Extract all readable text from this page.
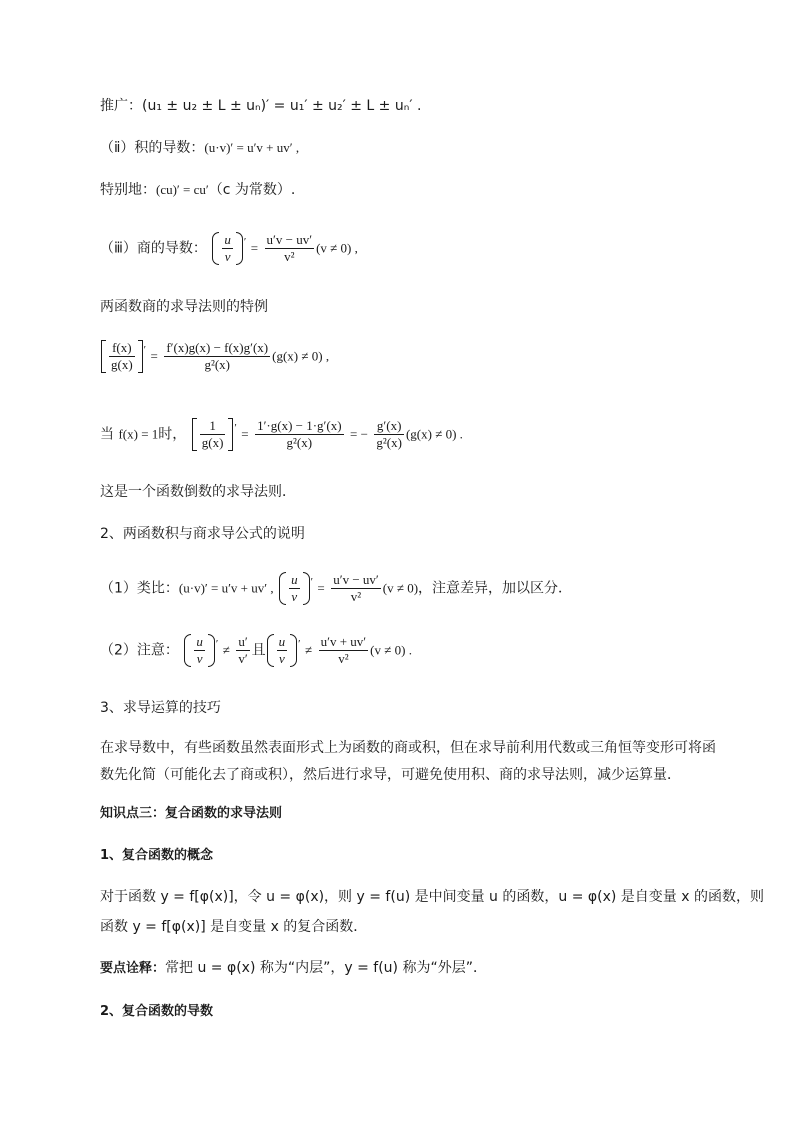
推广：(u₁ ± u₂ ± L ± uₙ)′ = u₁′ ± u₂′ ± L ± uₙ′ .
（ⅱ）积的导数：(u·v)′ = u′v + uv′ ,
特别地：(cu)′ = cu′（c 为常数）.
（ⅲ）商的导数： $\frac{u}{v} ' = \frac{u'v - uv'}{\text{v²}} (v \ne 0)$ ,
两函数商的求导法则的特例
$\frac{f(x)}{g(x)} ' = \frac{f'(x)g(x) - f(x)g'(x)}{\text{g²(x)}} (g(x) \ne 0)$ ,
当 f(x) = 1时， $\frac{1}{g(x)} ' = \frac{1'\cdot g(x) - 1\cdot g'(x)}{\text{g²(x)}}$ = − $\frac{g'(x)}{\text{g²(x)}} (g(x) \ne 0)$ .
这是一个函数倒数的求导法则．
2、两函数积与商求导公式的说明
（1）类比：(u·v)′ = u′v + uv′ , $\frac{u}{v} ' = \frac{u'v - uv'}{\text{v²}} (v \ne 0)$，注意差异，加以区分．
（2）注意： $\frac{u}{v} ' \ne \frac{u'}{v'}$ 且 $\frac{u}{v} ' \ne \frac{u'v + uv'}{\text{v²}} (v \ne 0)$ .
3、求导运算的技巧
在求导数中，有些函数虽然表面形式上为函数的商或积，但在求导前利用代数或三角恒等变形可将函
数先化简（可能化去了商或积），然后进行求导，可避免使用积、商的求导法则，减少运算量．
知识点三：复合函数的求导法则
1、复合函数的概念
对于函数 y = f[φ(x)]，令 u = φ(x)，则 y = f(u) 是中间变量 u 的函数，u = φ(x) 是自变量 x 的函数，则
函数 y = f[φ(x)] 是自变量 x 的复合函数．
要点诠释：常把 u = φ(x) 称为“内层”，y = f(u) 称为“外层”．
2、复合函数的导数
